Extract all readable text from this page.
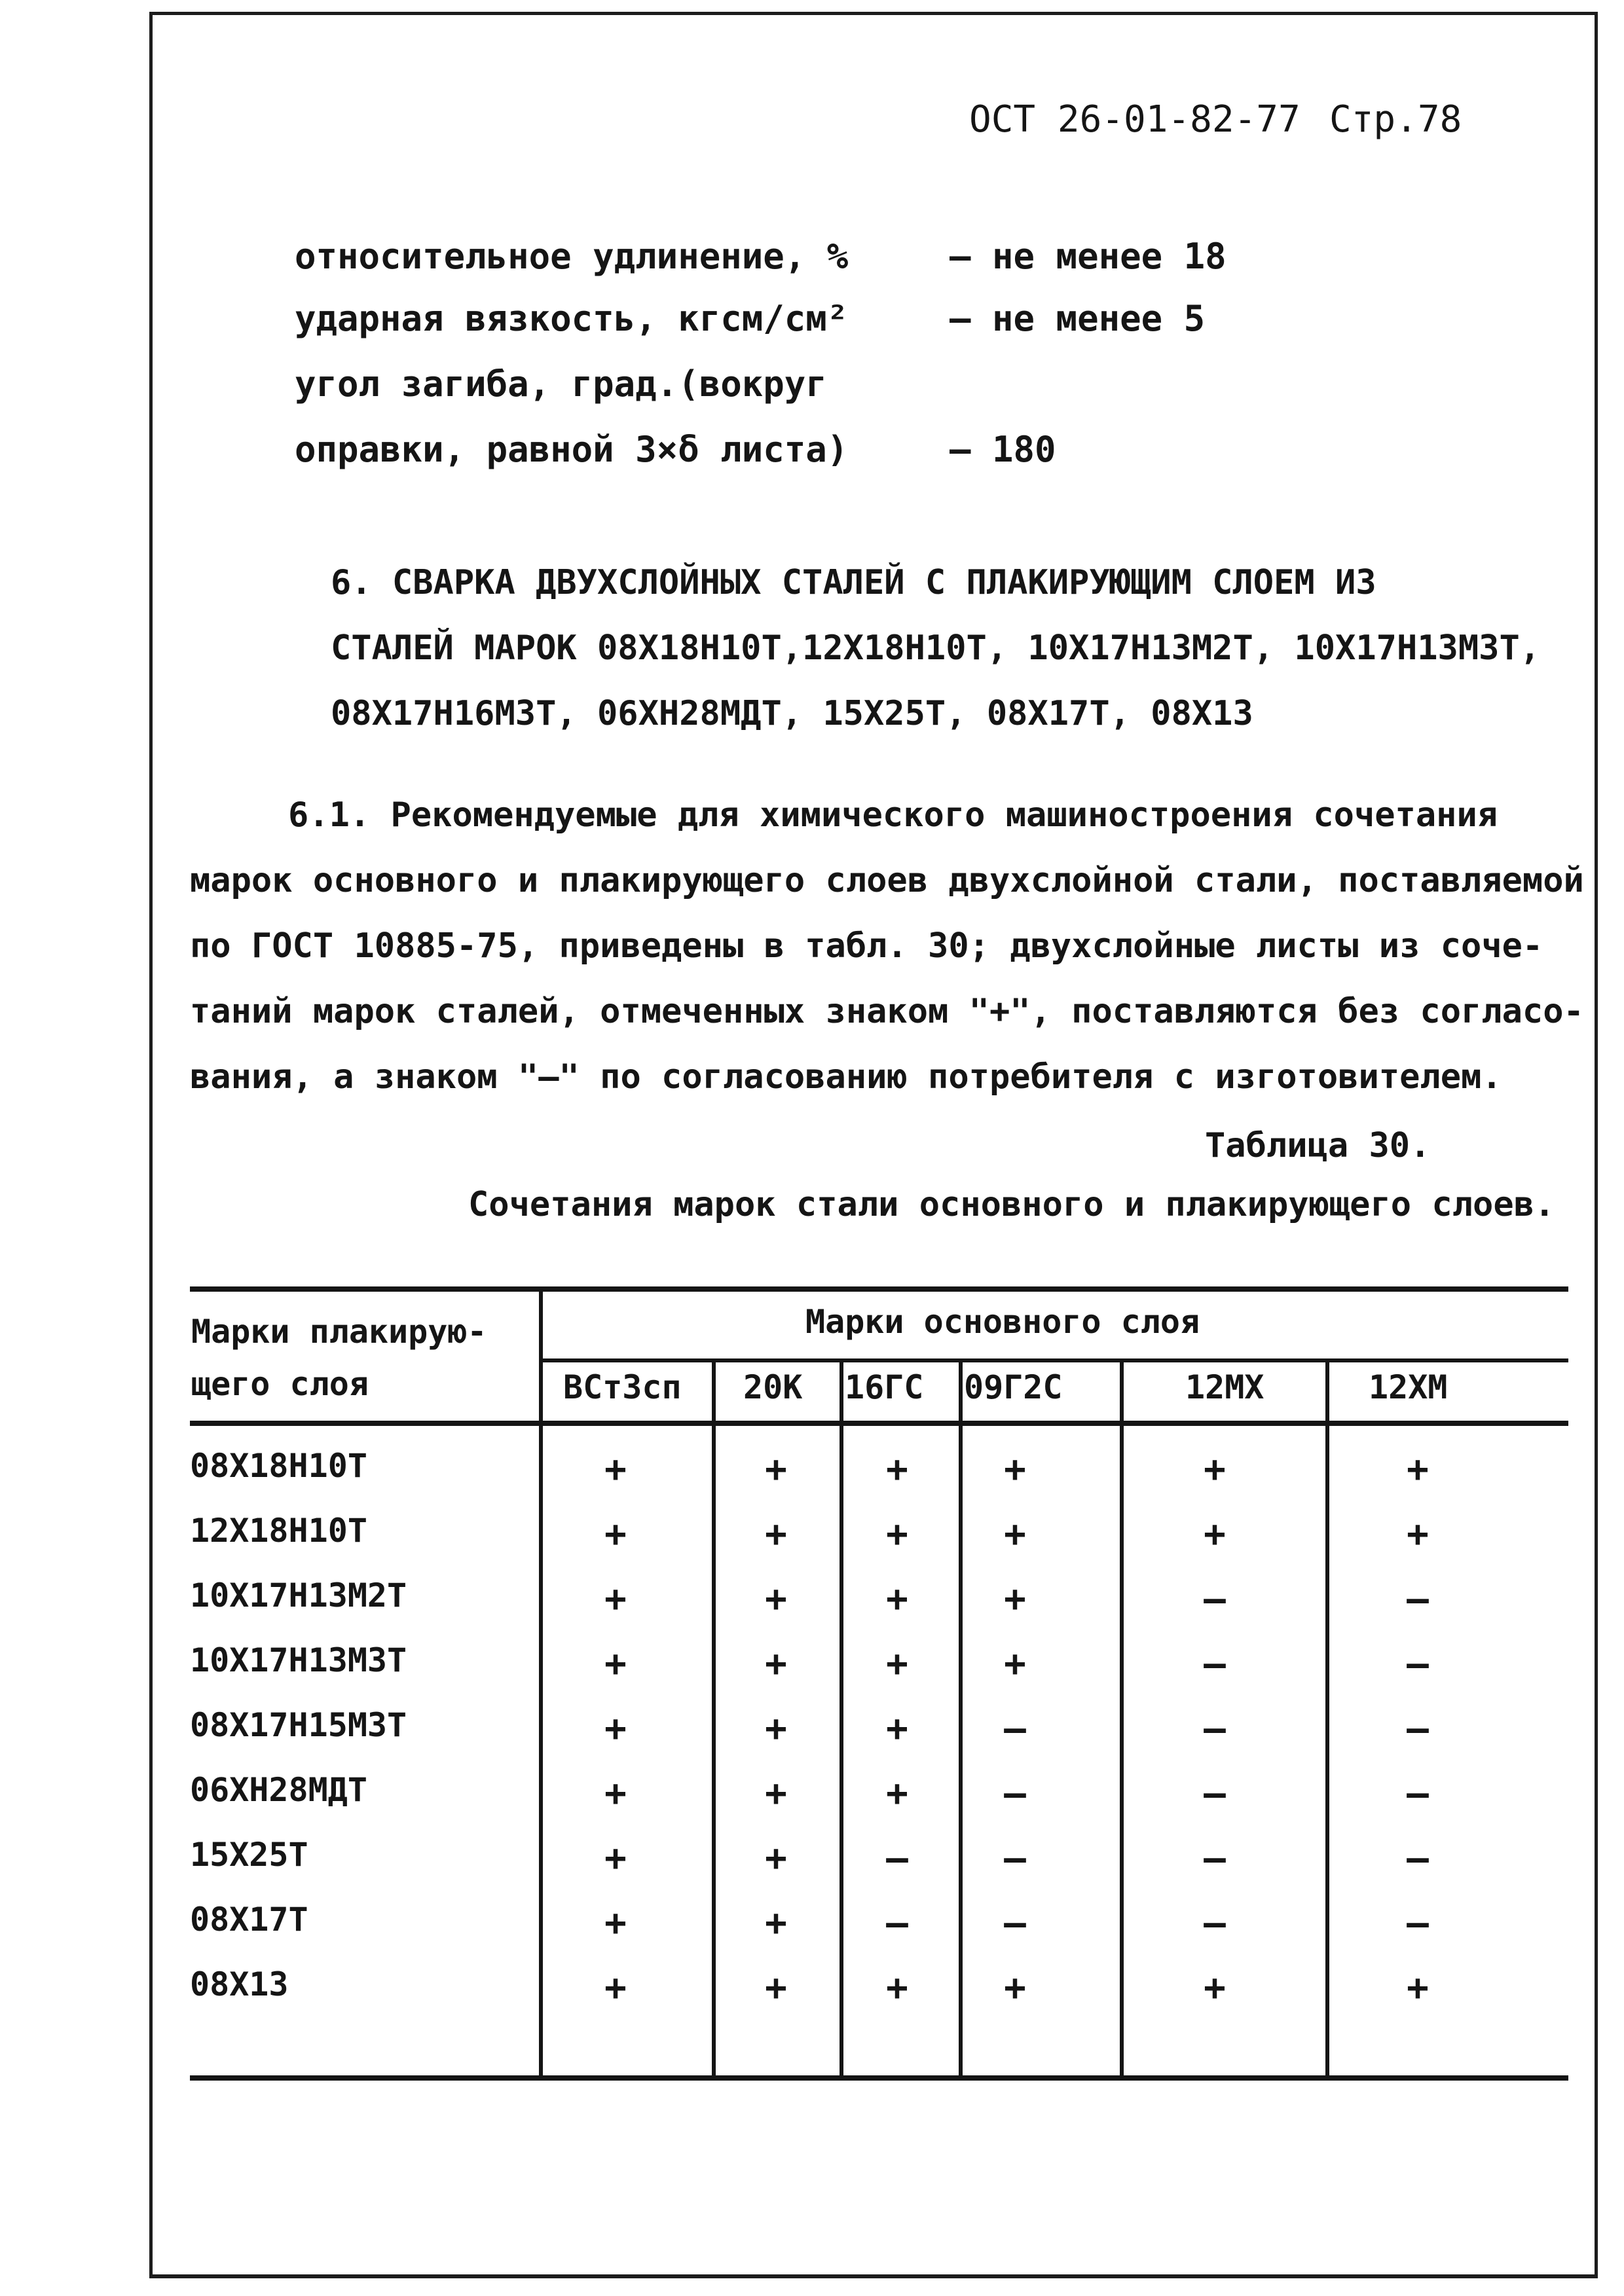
ОСТ 26-01-82-77 Стр.78
относительное удлинение, %	– не менее 18
ударная вязкость, кгсм/см²	– не менее 5
угол загиба, град.(вокруг
оправки, равной 3×δ листа)	– 180
6. СВАРКА ДВУХСЛОЙНЫХ СТАЛЕЙ С ПЛАКИРУЮЩИМ СЛОЕМ ИЗ
СТАЛЕЙ МАРОК 08Х18Н10Т,12Х18Н10Т, 10Х17Н13М2Т, 10Х17Н13М3Т,
08Х17Н16М3Т, 06ХН28МДТ, 15Х25Т, 08Х17Т, 08Х13
6.1. Рекомендуемые для химического машиностроения сочетания
марок основного и плакирующего слоев двухслойной стали, поставляемой
по ГОСТ 10885-75, приведены в табл. 30; двухслойные листы из соче-
таний марок сталей, отмеченных знаком "+", поставляются без согласо-
вания, а знаком "–" по согласованию потребителя с изготовителем.
Таблица 30.
Сочетания марок стали основного и плакирующего слоев.
Марки плакирую-
щего слоя
Марки основного слоя
ВСт3сп 20К 16ГС 09Г2С	12МХ	12ХМ
08Х18Н10Т	+	+	+	+	+	+
12Х18Н10Т	+	+	+	+	+	+
10Х17Н13М2Т	+	+	+	+	–	–
10Х17Н13М3Т	+	+	+	+	–	–
08Х17Н15М3Т	+	+	+	–	–	–
06ХН28МДТ	+	+	+	–	–	–
15Х25Т	+	+	–	–	–	–
08Х17Т	+	+	–	–	–	–
08Х13	+	+	+	+	+	+
